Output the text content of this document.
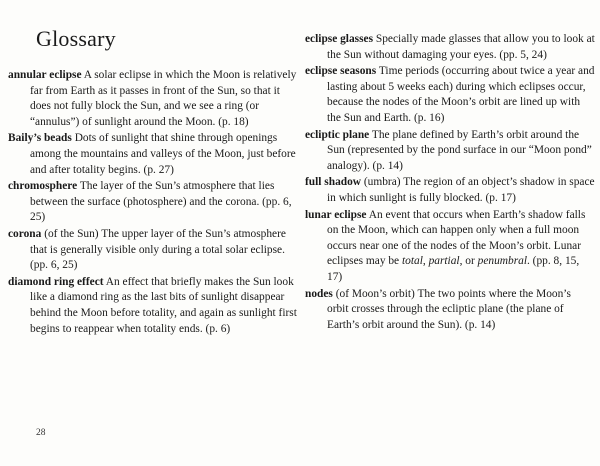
Glossary

annular eclipse A solar eclipse in which the Moon is relatively far from Earth as it passes in front of the Sun, so that it does not fully block the Sun, and we see a ring (or “annulus”) of sunlight around the Moon. (p. 18)

Baily’s beads Dots of sunlight that shine through openings among the mountains and valleys of the Moon, just before and after totality begins. (p. 27)

chromosphere The layer of the Sun’s atmosphere that lies between the surface (photosphere) and the corona. (pp. 6, 25)

corona (of the Sun) The upper layer of the Sun’s atmosphere that is generally visible only during a total solar eclipse. (pp. 6, 25)

diamond ring effect An effect that briefly makes the Sun look like a diamond ring as the last bits of sunlight disappear behind the Moon before totality, and again as sunlight first begins to reappear when totality ends. (p. 6)

eclipse glasses Specially made glasses that allow you to look at the Sun without damaging your eyes. (pp. 5, 24)

eclipse seasons Time periods (occurring about twice a year and lasting about 5 weeks each) during which eclipses occur, because the nodes of the Moon’s orbit are lined up with the Sun and Earth. (p. 16)

ecliptic plane The plane defined by Earth’s orbit around the Sun (represented by the pond surface in our “Moon pond” analogy). (p. 14)

full shadow (umbra) The region of an object’s shadow in space in which sunlight is fully blocked. (p. 17)

lunar eclipse An event that occurs when Earth’s shadow falls on the Moon, which can happen only when a full moon occurs near one of the nodes of the Moon’s orbit. Lunar eclipses may be total, partial, or penumbral. (pp. 8, 15, 17)

nodes (of Moon’s orbit) The two points where the Moon’s orbit crosses through the ecliptic plane (the plane of Earth’s orbit around the Sun). (p. 14)

28
